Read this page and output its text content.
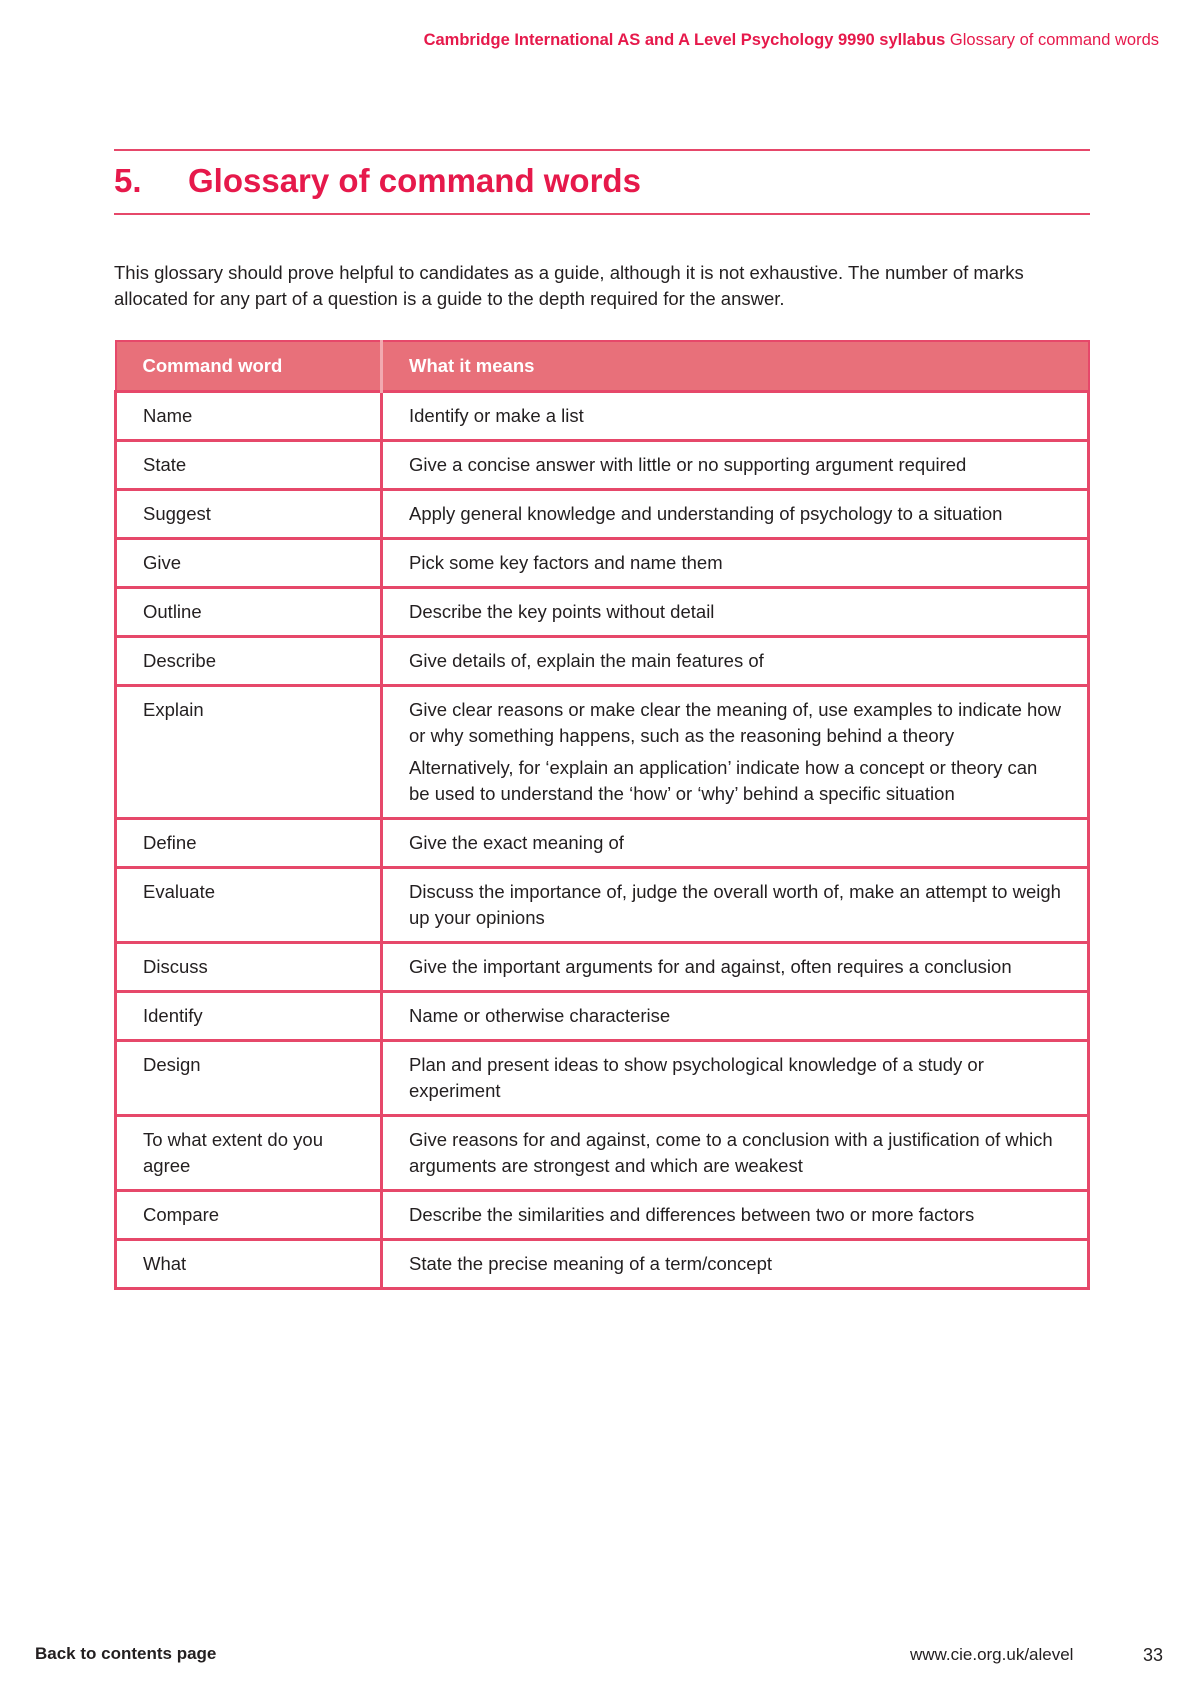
Cambridge International AS and A Level Psychology 9990 syllabus Glossary of command words
5. Glossary of command words

This glossary should prove helpful to candidates as a guide, although it is not exhaustive. The number of marks allocated for any part of a question is a guide to the depth required for the answer.

Command word	What it means
Name	Identify or make a list
State	Give a concise answer with little or no supporting argument required
Suggest	Apply general knowledge and understanding of psychology to a situation
Give	Pick some key factors and name them
Outline	Describe the key points without detail
Describe	Give details of, explain the main features of
Explain	Give clear reasons or make clear the meaning of, use examples to indicate how or why something happens, such as the reasoning behind a theory

Alternatively, for ‘explain an application’ indicate how a concept or theory can be used to understand the ‘how’ or ‘why’ behind a specific situation

Define	Give the exact meaning of
Evaluate	Discuss the importance of, judge the overall worth of, make an attempt to weigh up your opinions
Discuss	Give the important arguments for and against, often requires a conclusion
Identify	Name or otherwise characterise
Design	Plan and present ideas to show psychological knowledge of a study or experiment
To what extent do you agree	Give reasons for and against, come to a conclusion with a justification of which arguments are strongest and which are weakest
Compare	Describe the similarities and differences between two or more factors
What	State the precise meaning of a term/concept
Back to contents page	www.cie.org.uk/alevel	33
